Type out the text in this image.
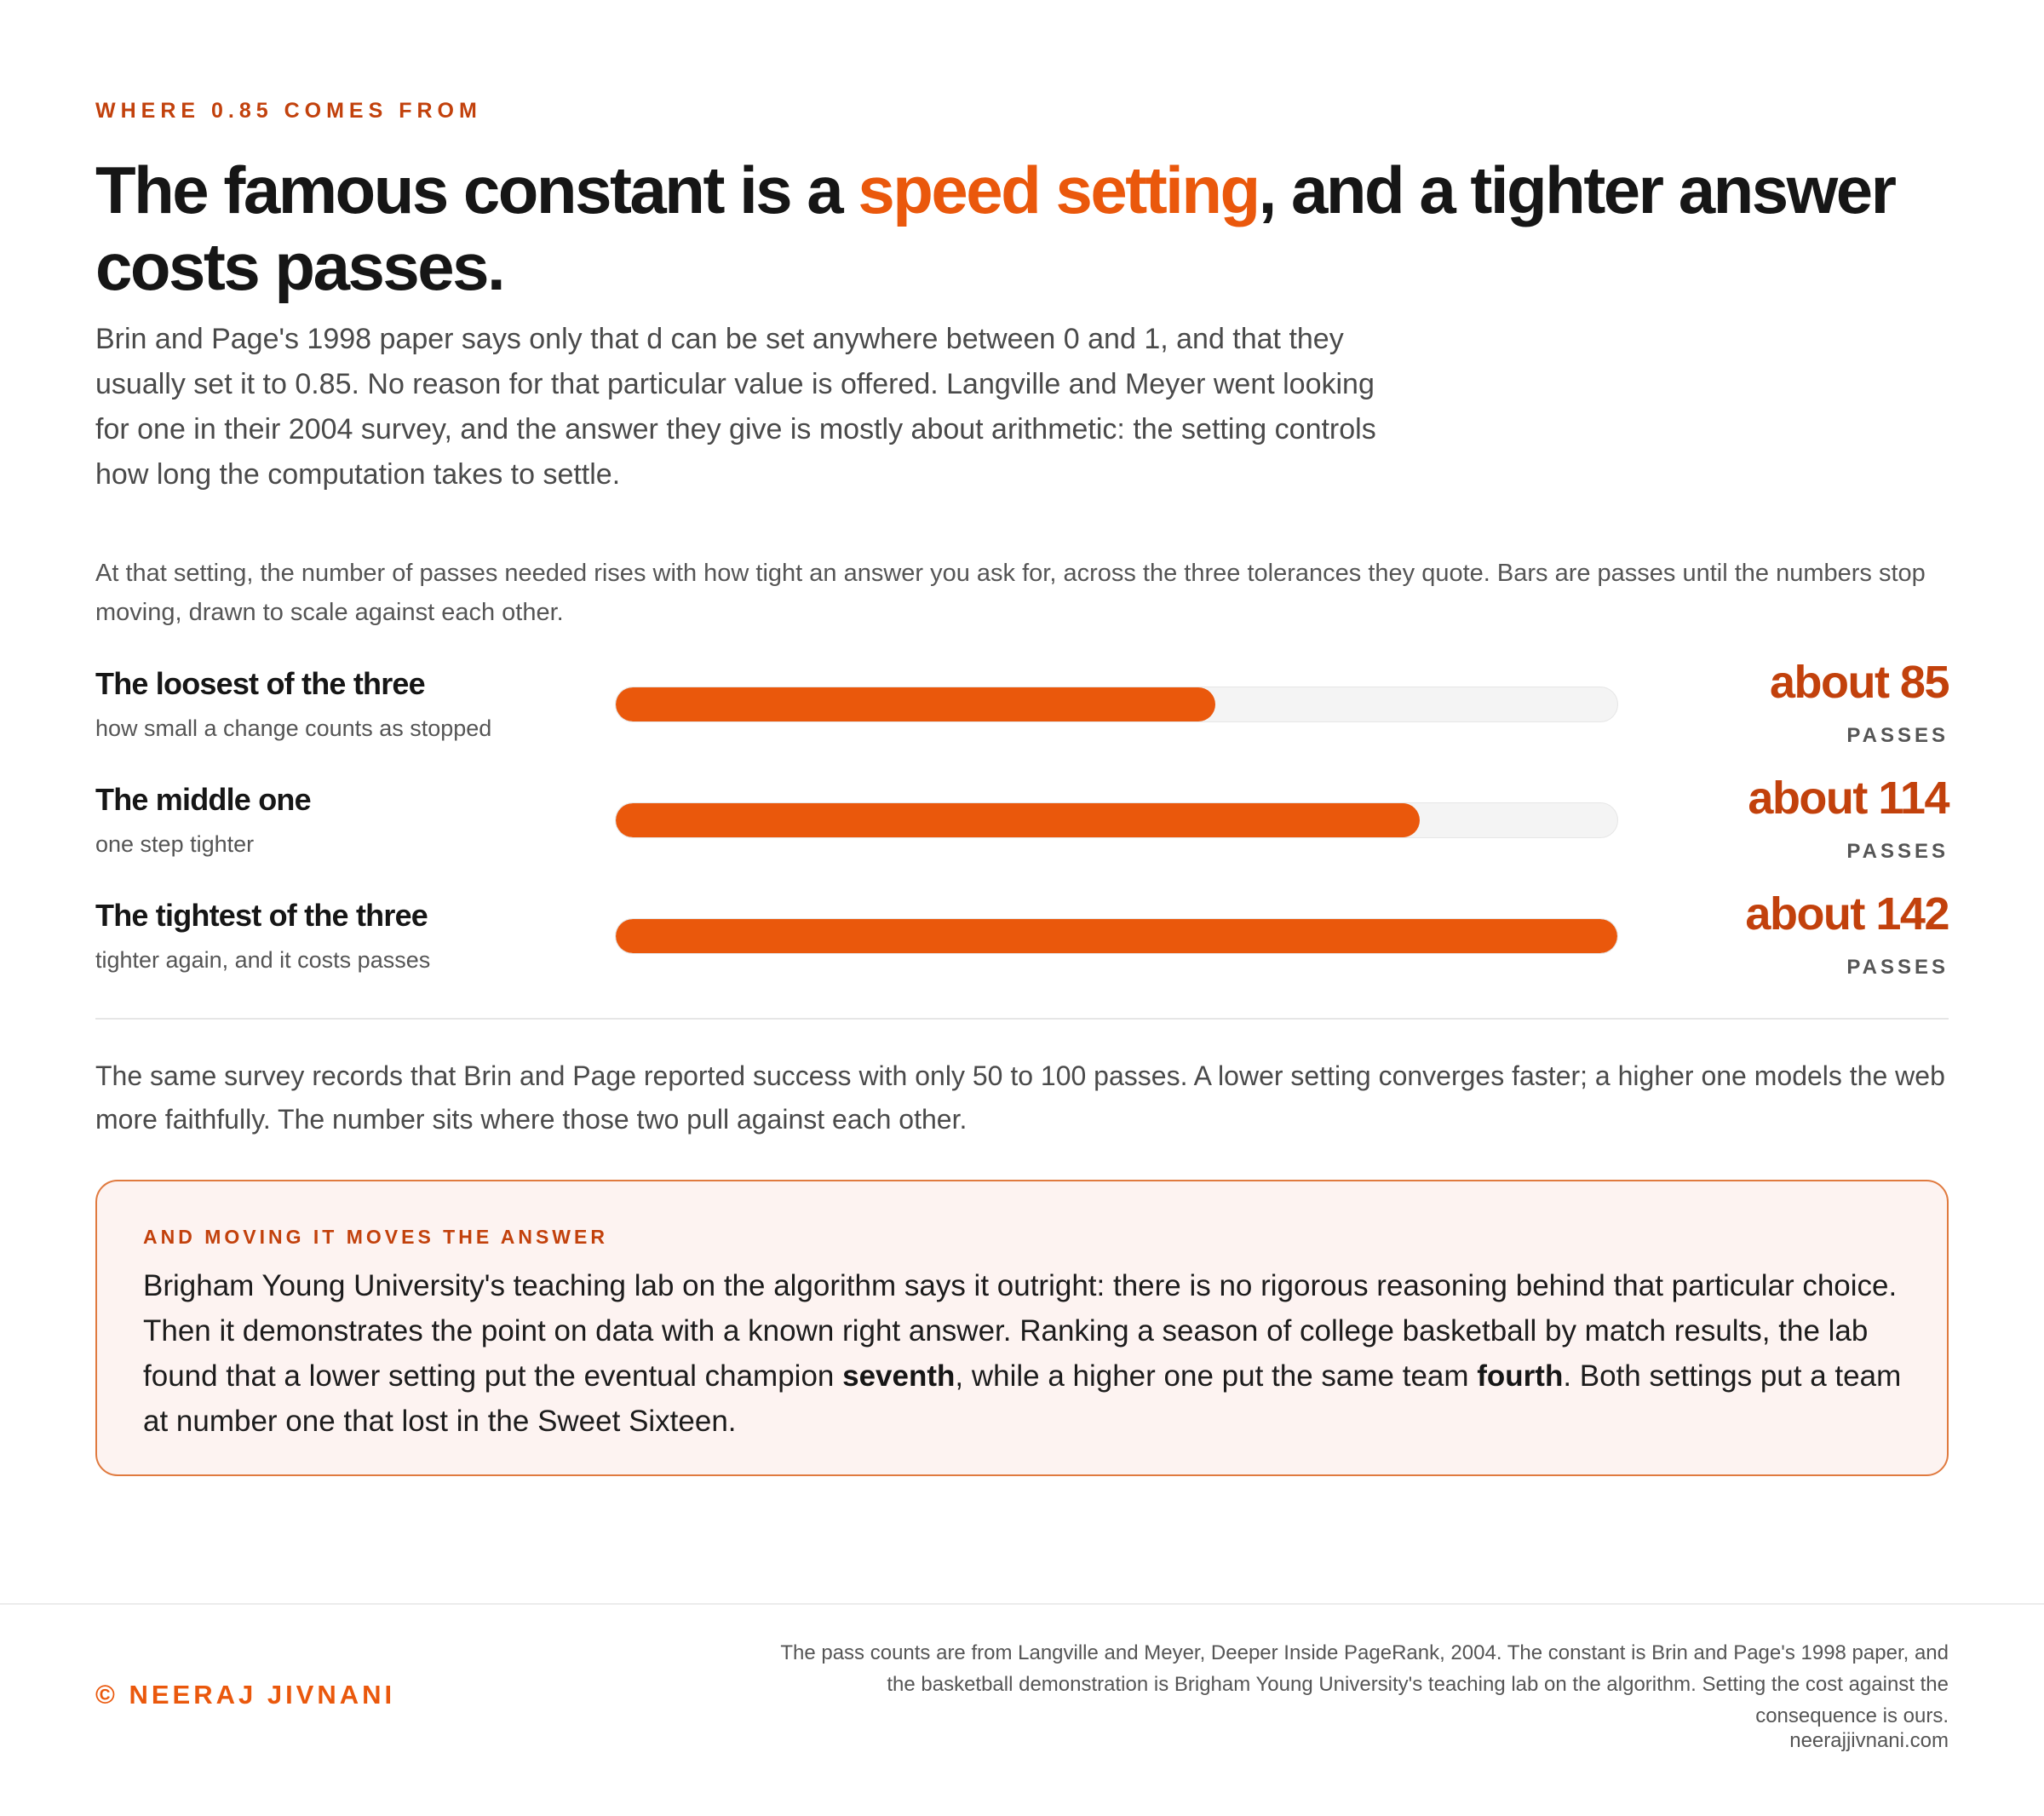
WHERE 0.85 COMES FROM
The famous constant is a speed setting, and a tighter answer costs passes.

Brin and Page's 1998 paper says only that d can be set anywhere between 0 and 1, and that they usually set it to 0.85. No reason for that particular value is offered. Langville and Meyer went looking for one in their 2004 survey, and the answer they give is mostly about arithmetic: the setting controls how long the computation takes to settle.

At that setting, the number of passes needed rises with how tight an answer you ask for, across the three tolerances they quote. Bars are passes until the numbers stop moving, drawn to scale against each other.

The loosest of the three
how small a change counts as stopped
about 85
PASSES
The middle one
one step tighter
about 114
PASSES
The tightest of the three
tighter again, and it costs passes
about 142
PASSES

The same survey records that Brin and Page reported success with only 50 to 100 passes. A lower setting converges faster; a higher one models the web more faithfully. The number sits where those two pull against each other.

AND MOVING IT MOVES THE ANSWER

Brigham Young University's teaching lab on the algorithm says it outright: there is no rigorous reasoning behind that particular choice. Then it demonstrates the point on data with a known right answer. Ranking a season of college basketball by match results, the lab found that a lower setting put the eventual champion seventh, while a higher one put the same team fourth. Both settings put a team at number one that lost in the Sweet Sixteen.

© NEERAJ JIVNANI

The pass counts are from Langville and Meyer, Deeper Inside PageRank, 2004. The constant is Brin and Page's 1998 paper, and the basketball demonstration is Brigham Young University's teaching lab on the algorithm. Setting the cost against the consequence is ours.

neerajjivnani.com
